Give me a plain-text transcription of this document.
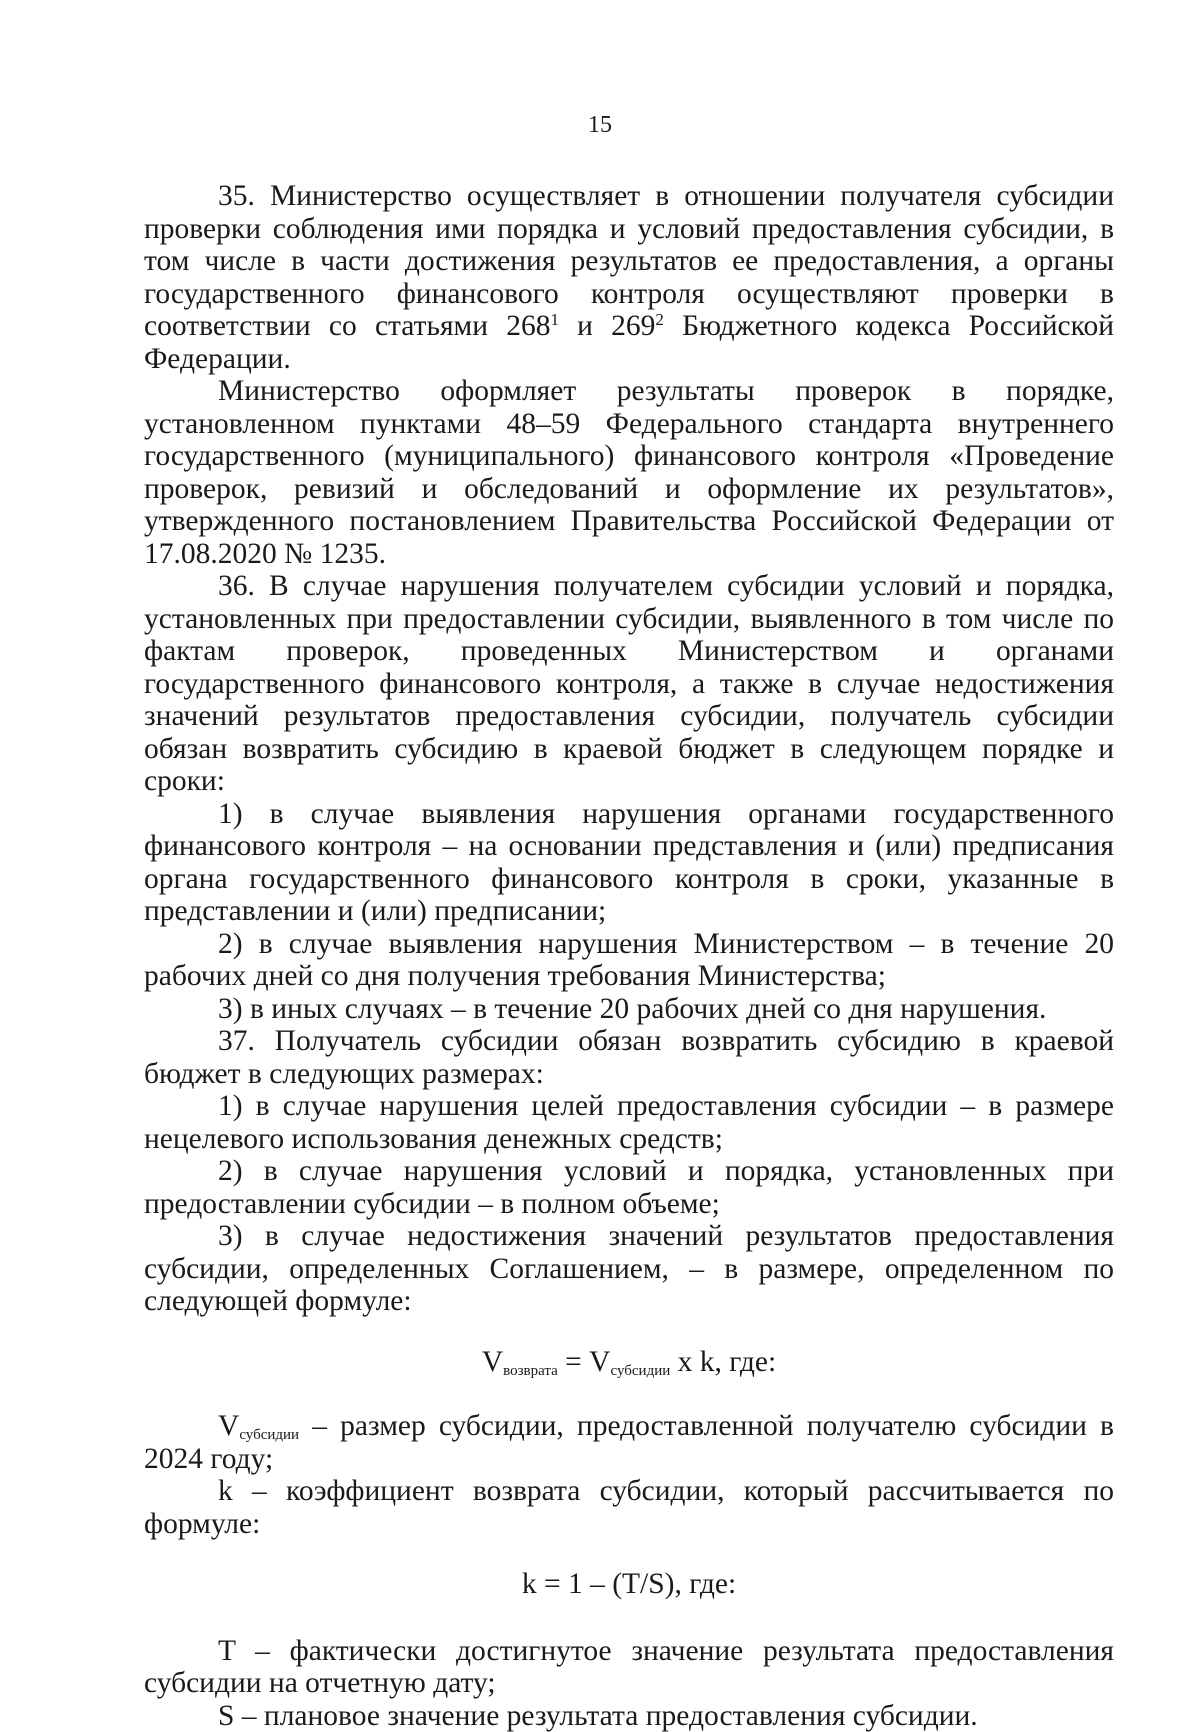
15

35. Министерство осуществляет в отношении получателя субсидии проверки соблюдения ими порядка и условий предоставления субсидии, в том числе в части достижения результатов ее предоставления, а органы государственного финансового контроля осуществляют проверки в соответствии со статьями $268^1$ и $269^2$ Бюджетного кодекса Российской Федерации.

Министерство оформляет результаты проверок в порядке, установленном пунктами 48–59 Федерального стандарта внутреннего государственного (муниципального) финансового контроля «Проведение проверок, ревизий и обследований и оформление их результатов», утвержденного постановлением Правительства Российской Федерации от 17.08.2020 № 1235.

36. В случае нарушения получателем субсидии условий и порядка, установленных при предоставлении субсидии, выявленного в том числе по фактам проверок, проведенных Министерством и органами государственного финансового контроля, а также в случае недостижения значений результатов предоставления субсидии, получатель субсидии обязан возвратить субсидию в краевой бюджет в следующем порядке и сроки:

1) в случае выявления нарушения органами государственного финансового контроля – на основании представления и (или) предписания органа государственного финансового контроля в сроки, указанные в представлении и (или) предписании;

2) в случае выявления нарушения Министерством – в течение 20 рабочих дней со дня получения требования Министерства;

3) в иных случаях – в течение 20 рабочих дней со дня нарушения.

37. Получатель субсидии обязан возвратить субсидию в краевой бюджет в следующих размерах:

1) в случае нарушения целей предоставления субсидии – в размере нецелевого использования денежных средств;

2) в случае нарушения условий и порядка, установленных при предоставлении субсидии – в полном объеме;

3) в случае недостижения значений результатов предоставления субсидии, определенных Соглашением, – в размере, определенном по следующей формуле:

$V_{возврата} = V_{субсидии}$ x k, где:

$V_{субсидии}$ – размер субсидии, предоставленной получателю субсидии в 2024 году;

k – коэффициент возврата субсидии, который рассчитывается по формуле:

k = 1 – (T/S), где:

T – фактически достигнутое значение результата предоставления субсидии на отчетную дату;

S – плановое значение результата предоставления субсидии.
